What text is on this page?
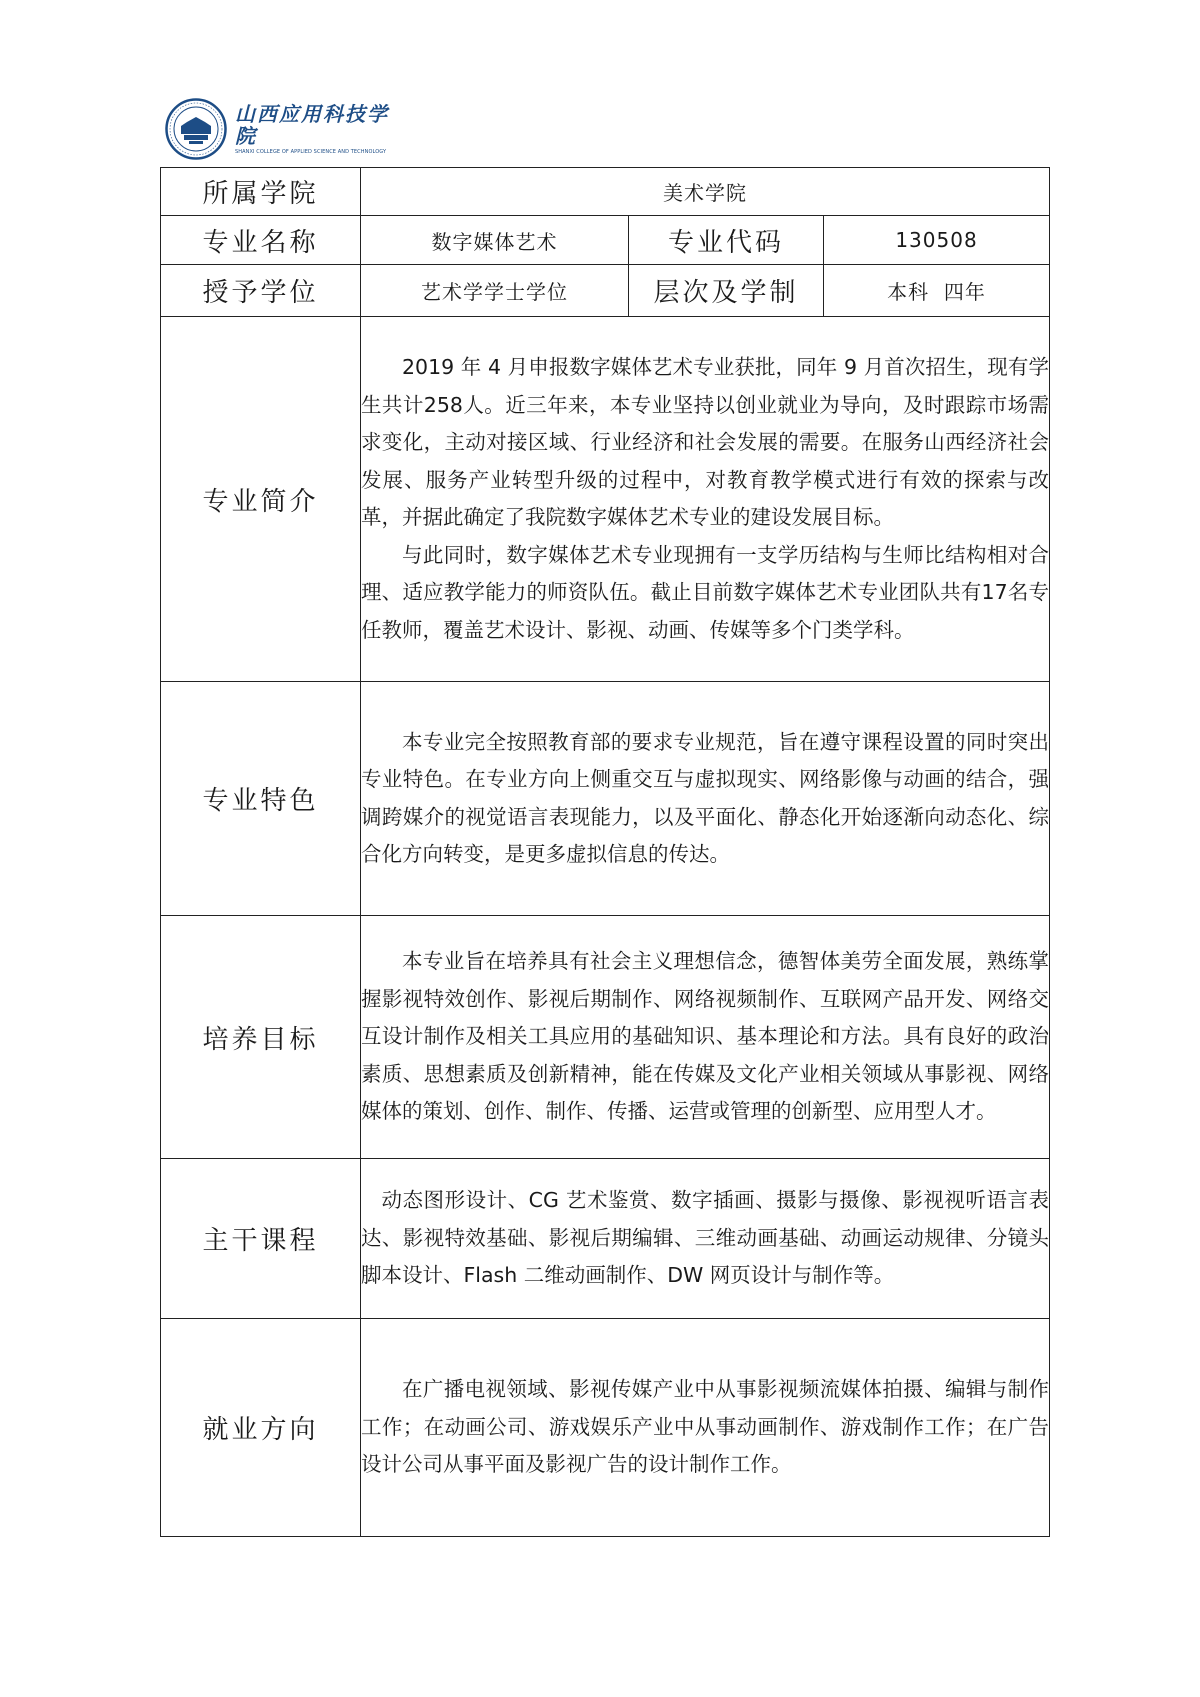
山西应用科技学院
SHANXI COLLEGE OF APPLIED SCIENCE AND TECHNOLOGY
所属学院	美术学院		
专业名称	数字媒体艺术	专业代码	130508
授予学位	艺术学学士学位	层次及学制	本科  四年
专业简介	2019 年 4 月申报数字媒体艺术专业获批，同年 9 月首次招生，现有学生共计258人。近三年来，本专业坚持以创业就业为导向，及时跟踪市场需求变化，主动对接区域、行业经济和社会发展的需要。在服务山西经济社会发展、服务产业转型升级的过程中，对教育教学模式进行有效的探索与改革，并据此确定了我院数字媒体艺术专业的建设发展目标。

与此同时，数字媒体艺术专业现拥有一支学历结构与生师比结构相对合理、适应教学能力的师资队伍。截止目前数字媒体艺术专业团队共有17名专任教师，覆盖艺术设计、影视、动画、传媒等多个门类学科。		

专业特色	本专业完全按照教育部的要求专业规范，旨在遵守课程设置的同时突出专业特色。在专业方向上侧重交互与虚拟现实、网络影像与动画的结合，强调跨媒介的视觉语言表现能力，以及平面化、静态化开始逐渐向动态化、综合化方向转变，是更多虚拟信息的传达。		

培养目标	本专业旨在培养具有社会主义理想信念，德智体美劳全面发展，熟练掌握影视特效创作、影视后期制作、网络视频制作、互联网产品开发、网络交互设计制作及相关工具应用的基础知识、基本理论和方法。具有良好的政治素质、思想素质及创新精神，能在传媒及文化产业相关领域从事影视、网络媒体的策划、创作、制作、传播、运营或管理的创新型、应用型人才。		

主干课程	动态图形设计、CG 艺术鉴赏、数字插画、摄影与摄像、影视视听语言表达、影视特效基础、影视后期编辑、三维动画基础、动画运动规律、分镜头脚本设计、Flash 二维动画制作、DW 网页设计与制作等。		

就业方向	在广播电视领域、影视传媒产业中从事影视频流媒体拍摄、编辑与制作工作；在动画公司、游戏娱乐产业中从事动画制作、游戏制作工作；在广告设计公司从事平面及影视广告的设计制作工作。		
